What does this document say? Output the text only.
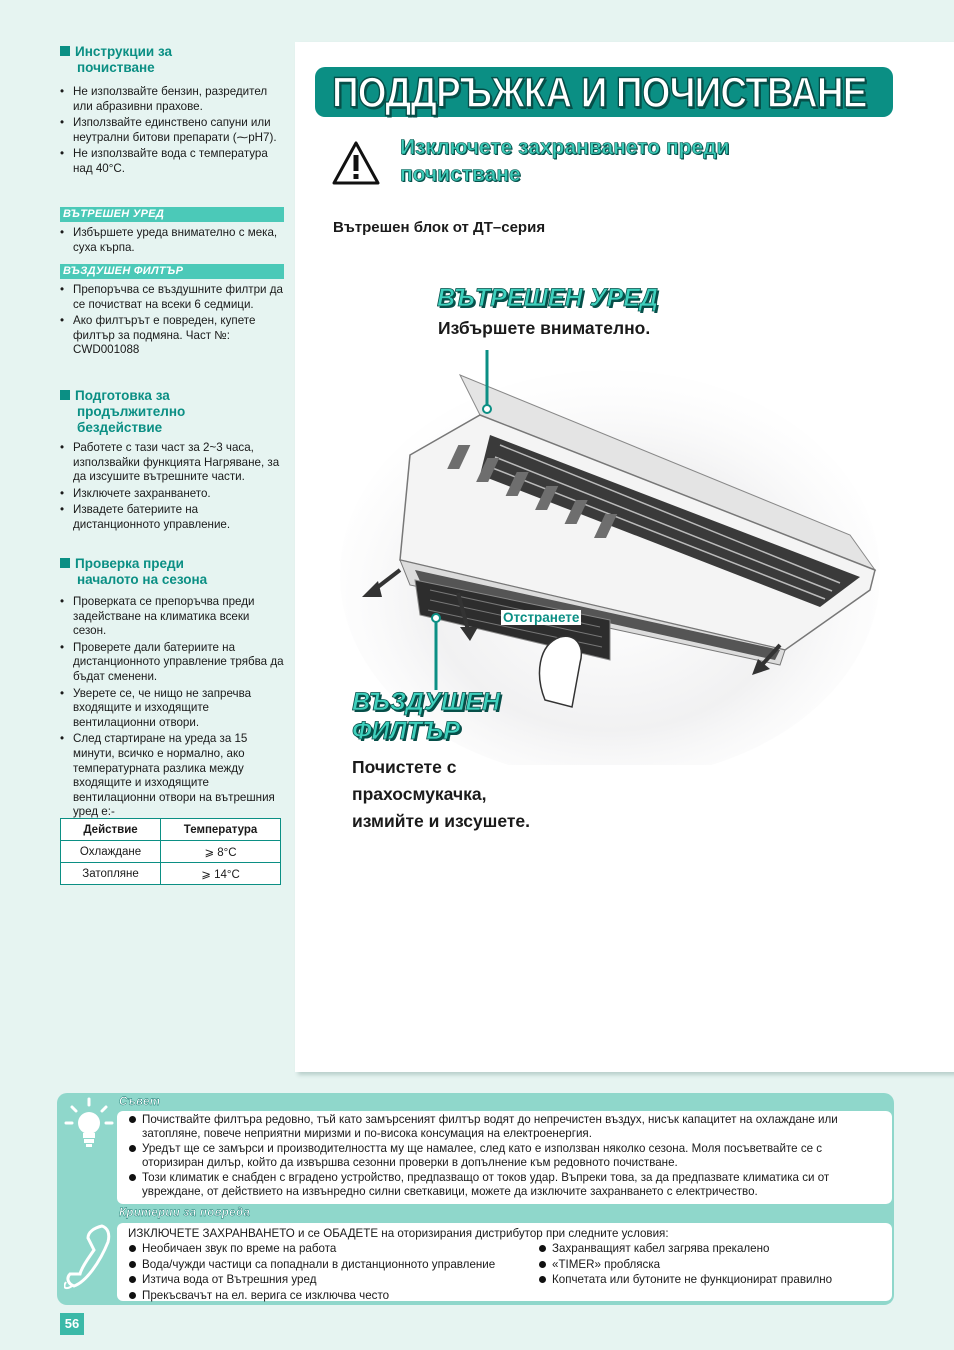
Инструкции за
почистване
• Не използвайте бензин, разредител или абразивни прахове.
• Използвайте единствено сапуни или неутрални битови препарати (⁓pH7).
• Не използвайте вода с температура над 40°C.
ВЪТРЕШЕН УРЕД
• Избършете уреда внимателно с мека, суха кърпа.
ВЪЗДУШЕН ФИЛТЪР
• Препоръчва се въздушните филтри да се почистват на всеки 6 седмици.
• Ако филтърът е повреден, купете филтър за подмяна. Част №: CWD001088
Подготовка за
продължително
бездействие
• Работете с тази част за 2~3 часа, използвайки функцията Нагряване, за да изсушите вътрешните части.
• Изключете захранването.
• Извадете батериите на дистанционното управление.
Проверка преди
началото на сезона
• Проверката се препоръчва преди задействане на климатика всеки сезон.
• Проверете дали батериите на дистанционното управление трябва да бъдат сменени.
• Уверете се, че нищо не запречва входящите и изходящите вентилационни отвори.
• След стартиране на уреда за 15 минути, всичко е нормално, ако температурната разлика между входящите и изходящите вентилационни отвори на вътрешния уред е:-
Действие	Температура
Охлаждане	⩾ 8°C
Затопляне	⩾ 14°C
ПОДДРЪЖКА И ПОЧИСТВАНЕ
Изключете захранването преди
почистване
Вътрешен блок от ДТ–серия
ВЪТРЕШЕН УРЕД
Избършете внимателно.
Отстранете
ВЪЗДУШЕН
ФИЛТЪР
Почистете с
прахосмукачка,
измийте и изсушете.
Съвет
Почиствайте филтъра редовно, тъй като замърсеният филтър водят до непречистен въздух, нисък капацитет на охлаждане или затопляне, повече неприятни миризми и по-висока консумация на електроенергия.
Уредът ще се замърси и производителността му ще намалее, след като е използван няколко сезона. Моля посъветвайте се с оторизиран дилър, който да извършва сезонни проверки в допълнение към редовното почистване.
Този климатик е снабден с вградено устройство, предпазващо от токов удар. Въпреки това, за да предпазвате климатика си от увреждане, от действието на извънредно силни светкавици, можете да изключите захранването с електричество.
Критерии за повреда
ИЗКЛЮЧЕТЕ ЗАХРАНВАНЕТО и се ОБАДЕТЕ на оторизирания дистрибутор при следните условия:
Необичаен звук по време на работа
Вода/чужди частици са попаднали в дистанционното управление
Изтича вода от Вътрешния уред
Прекъсвачът на ел. верига се изключва често
Захранващият кабел загрява прекалено
«TIMER» пробляска
Копчетата или бутоните не функционират правилно
56
